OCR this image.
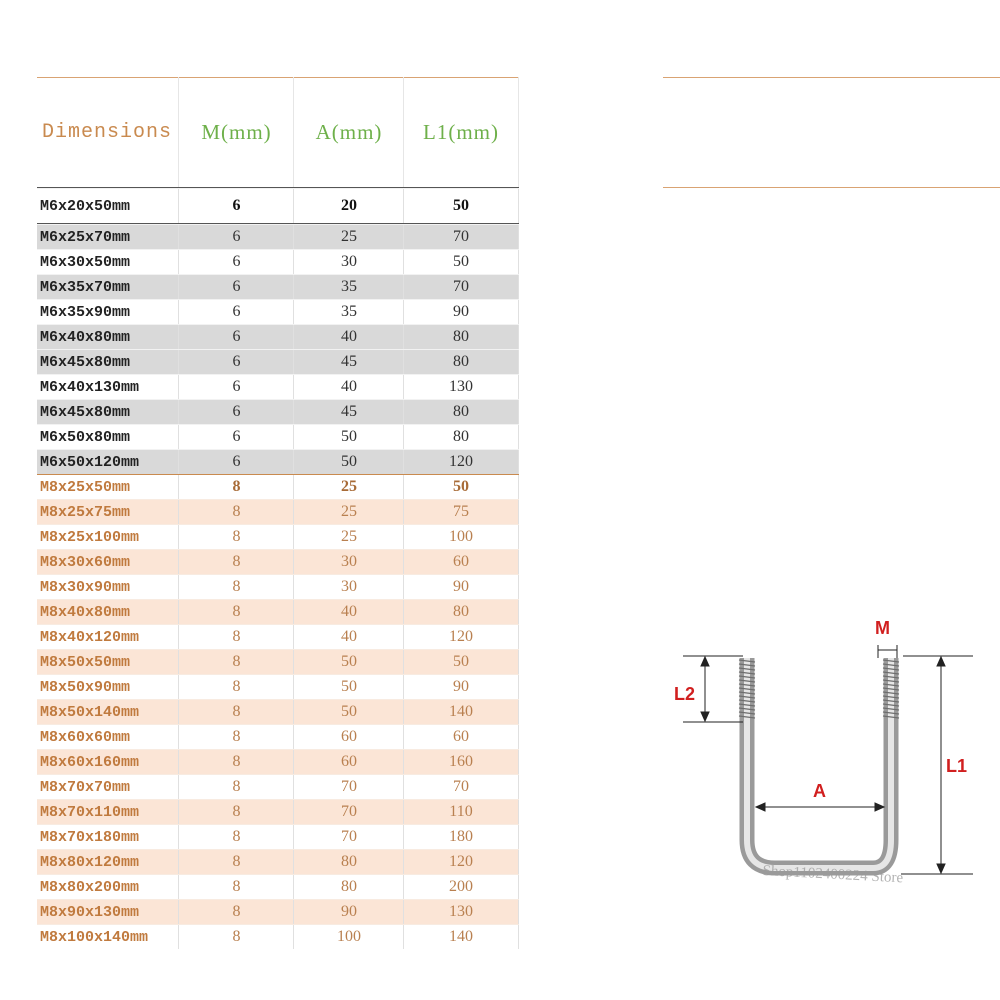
Dimensions	M(mm)	A(mm)	L1(mm)
M6x20x50mm	6	20	50
M6x25x70mm	6	25	70
M6x30x50mm	6	30	50
M6x35x70mm	6	35	70
M6x35x90mm	6	35	90
M6x40x80mm	6	40	80
M6x45x80mm	6	45	80
M6x40x130mm	6	40	130
M6x45x80mm	6	45	80
M6x50x80mm	6	50	80
M6x50x120mm	6	50	120
M8x25x50mm	8	25	50
M8x25x75mm	8	25	75
M8x25x100mm	8	25	100
M8x30x60mm	8	30	60
M8x30x90mm	8	30	90
M8x40x80mm	8	40	80
M8x40x120mm	8	40	120
M8x50x50mm	8	50	50
M8x50x90mm	8	50	90
M8x50x140mm	8	50	140
M8x60x60mm	8	60	60
M8x60x160mm	8	60	160
M8x70x70mm	8	70	70
M8x70x110mm	8	70	110
M8x70x180mm	8	70	180
M8x80x120mm	8	80	120
M8x80x200mm	8	80	200
M8x90x130mm	8	90	130
M8x100x140mm	8	100	140
M
L2
A
L1
Shop1102400224 Store
